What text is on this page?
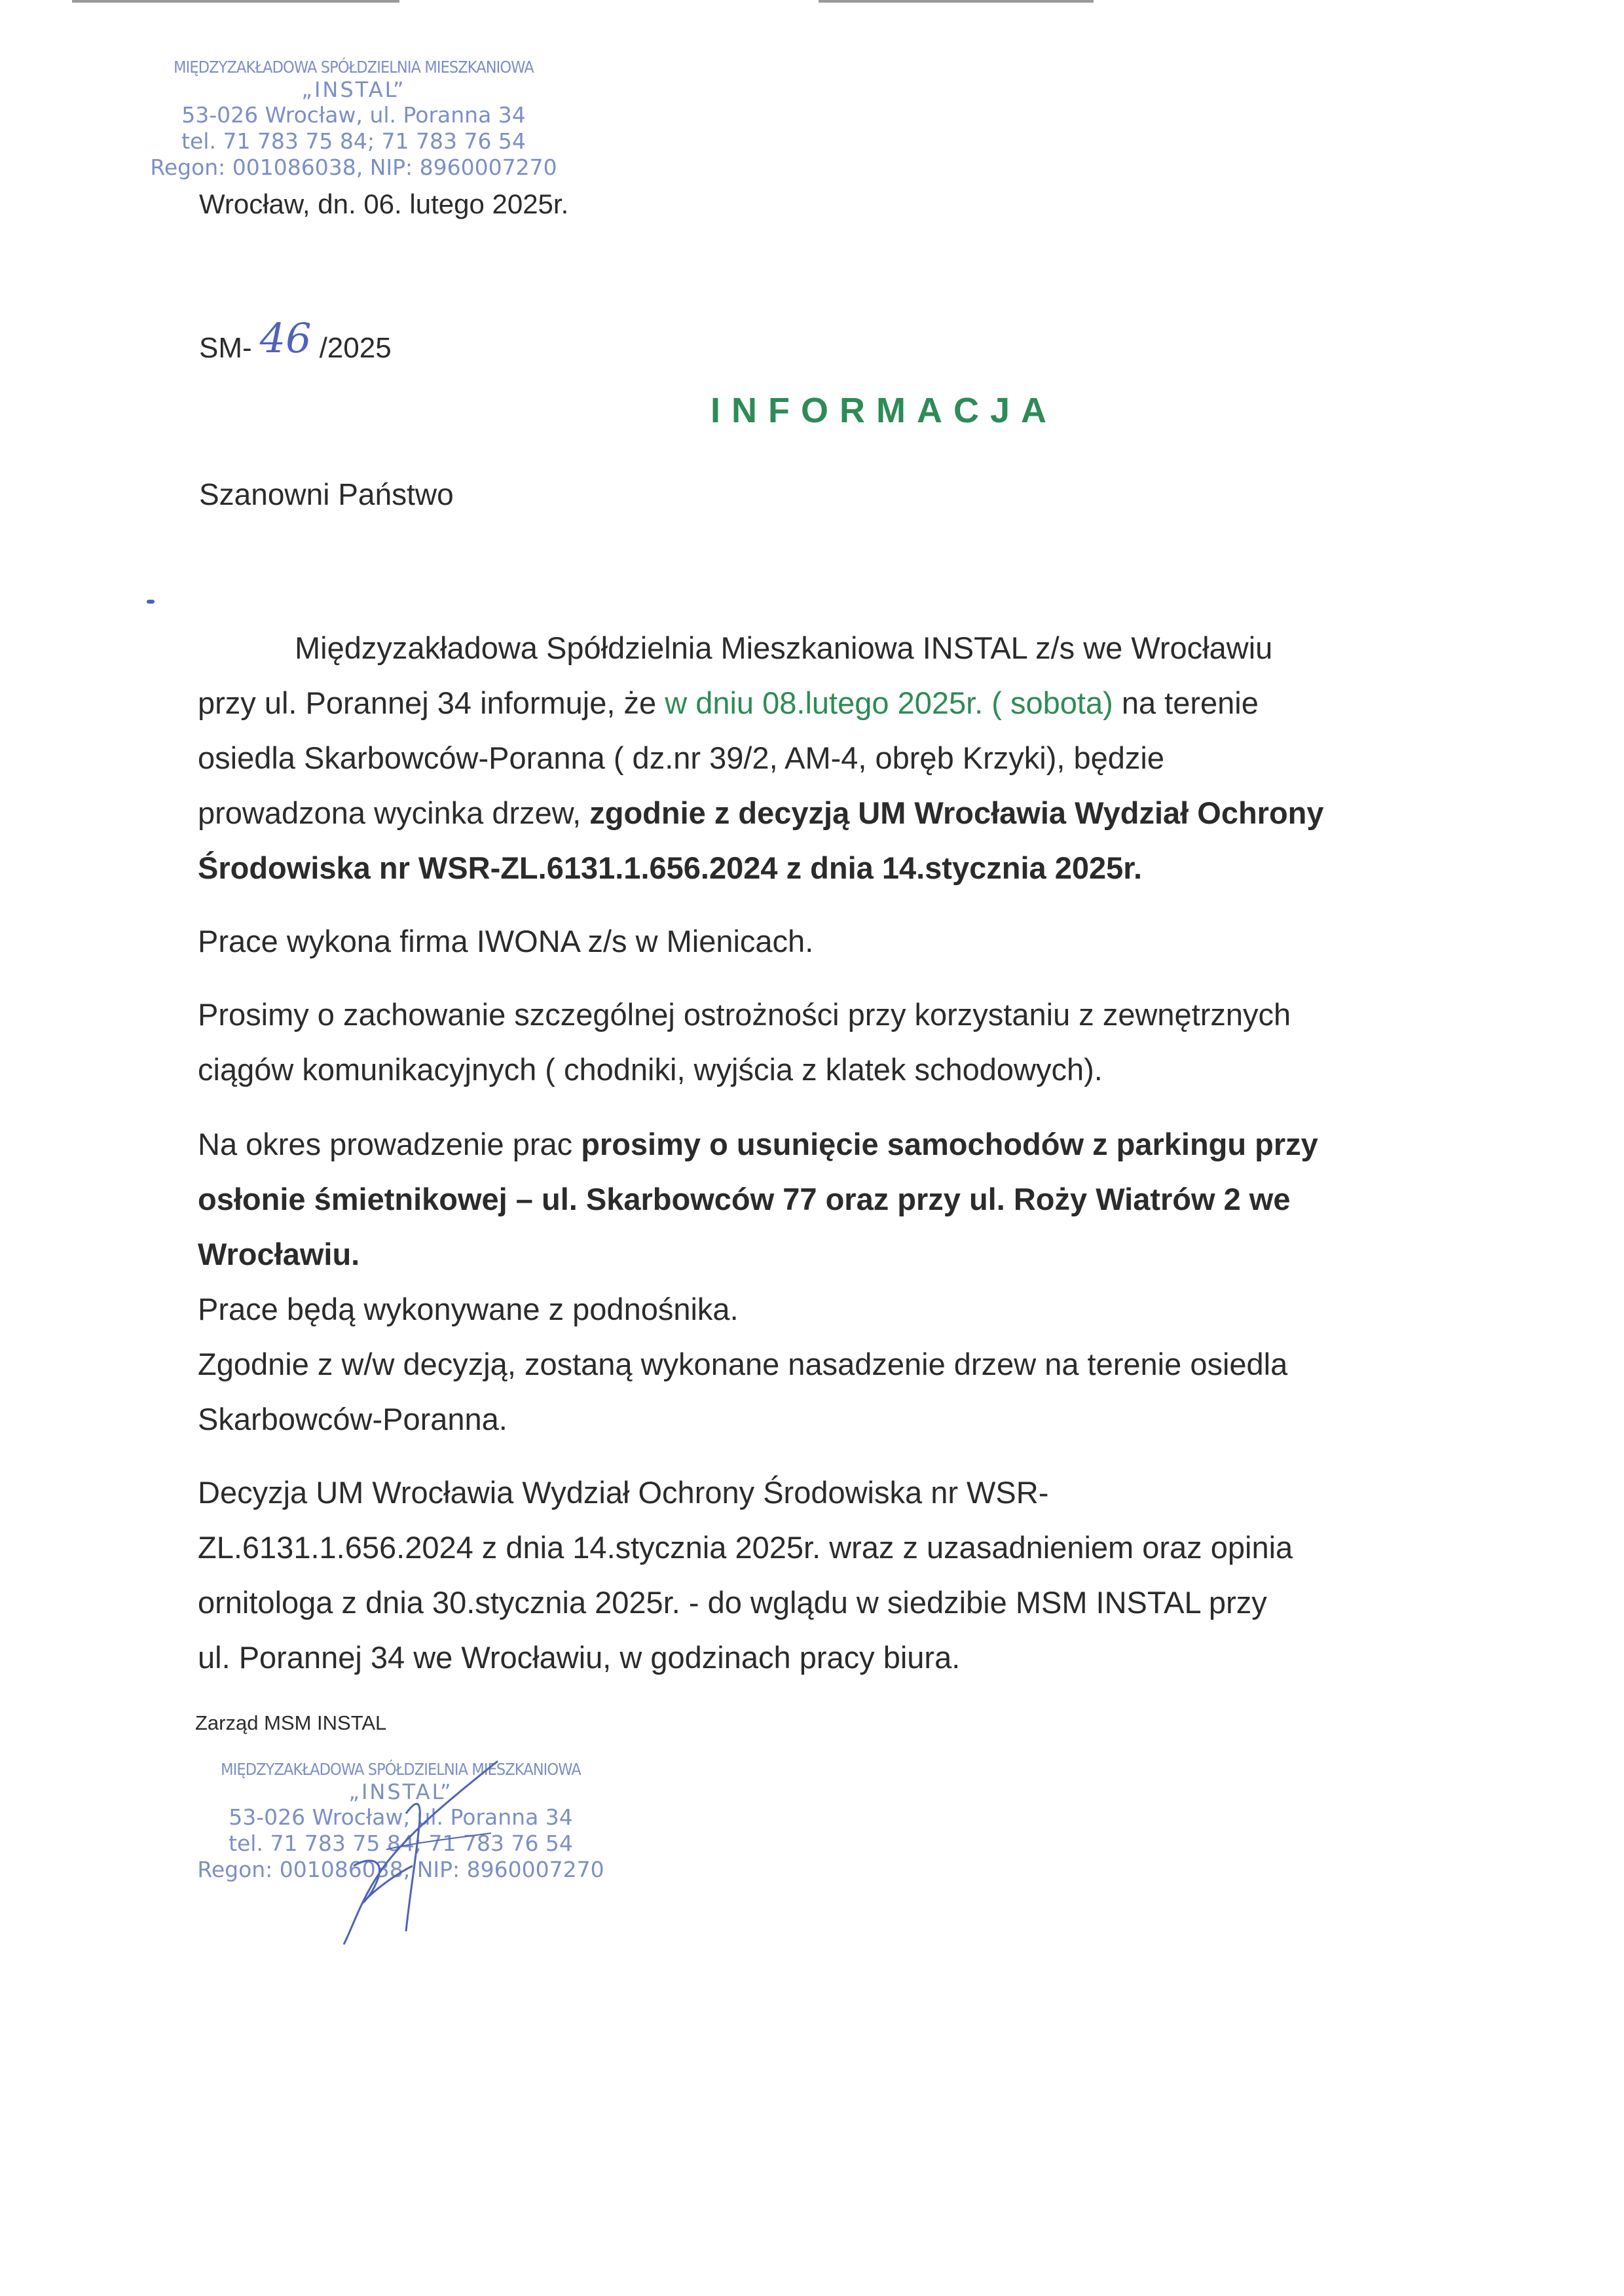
MIĘDZYZAKŁADOWA SPÓŁDZIELNIA MIESZKANIOWA
„INSTAL”
53-026 Wrocław, ul. Poranna 34
tel. 71 783 75 84; 71 783 76 54
Regon: 001086038, NIP: 8960007270
Wrocław, dn. 06. lutego 2025r.
SM- 46 /2025
INFORMACJA
Szanowni Państwo

Międzyzakładowa Spółdzielnia Mieszkaniowa INSTAL z/s we Wrocławiu

przy ul. Porannej 34 informuje, że w dniu 08.lutego 2025r. ( sobota) na terenie

osiedla Skarbowców-Poranna ( dz.nr 39/2, AM-4, obręb Krzyki), będzie

prowadzona wycinka drzew, zgodnie z decyzją UM Wrocławia Wydział Ochrony

Środowiska nr WSR-ZL.6131.1.656.2024 z dnia 14.stycznia 2025r.

Prace wykona firma IWONA z/s w Mienicach.

Prosimy o zachowanie szczególnej ostrożności przy korzystaniu z zewnętrznych

ciągów komunikacyjnych ( chodniki, wyjścia z klatek schodowych).

Na okres prowadzenie prac prosimy o usunięcie samochodów z parkingu przy

osłonie śmietnikowej – ul. Skarbowców 77 oraz przy ul. Roży Wiatrów 2 we

Wrocławiu.

Prace będą wykonywane z podnośnika.

Zgodnie z w/w decyzją, zostaną wykonane nasadzenie drzew na terenie osiedla

Skarbowców-Poranna.

Decyzja UM Wrocławia Wydział Ochrony Środowiska nr WSR-

ZL.6131.1.656.2024 z dnia 14.stycznia 2025r. wraz z uzasadnieniem oraz opinia

ornitologa z dnia 30.stycznia 2025r. - do wglądu w siedzibie MSM INSTAL przy

ul. Porannej 34 we Wrocławiu, w godzinach pracy biura.

Zarząd MSM INSTAL
MIĘDZYZAKŁADOWA SPÓŁDZIELNIA MIESZKANIOWA
„INSTAL”
53-026 Wrocław, ul. Poranna 34
tel. 71 783 75 84; 71 783 76 54
Regon: 001086038, NIP: 8960007270
